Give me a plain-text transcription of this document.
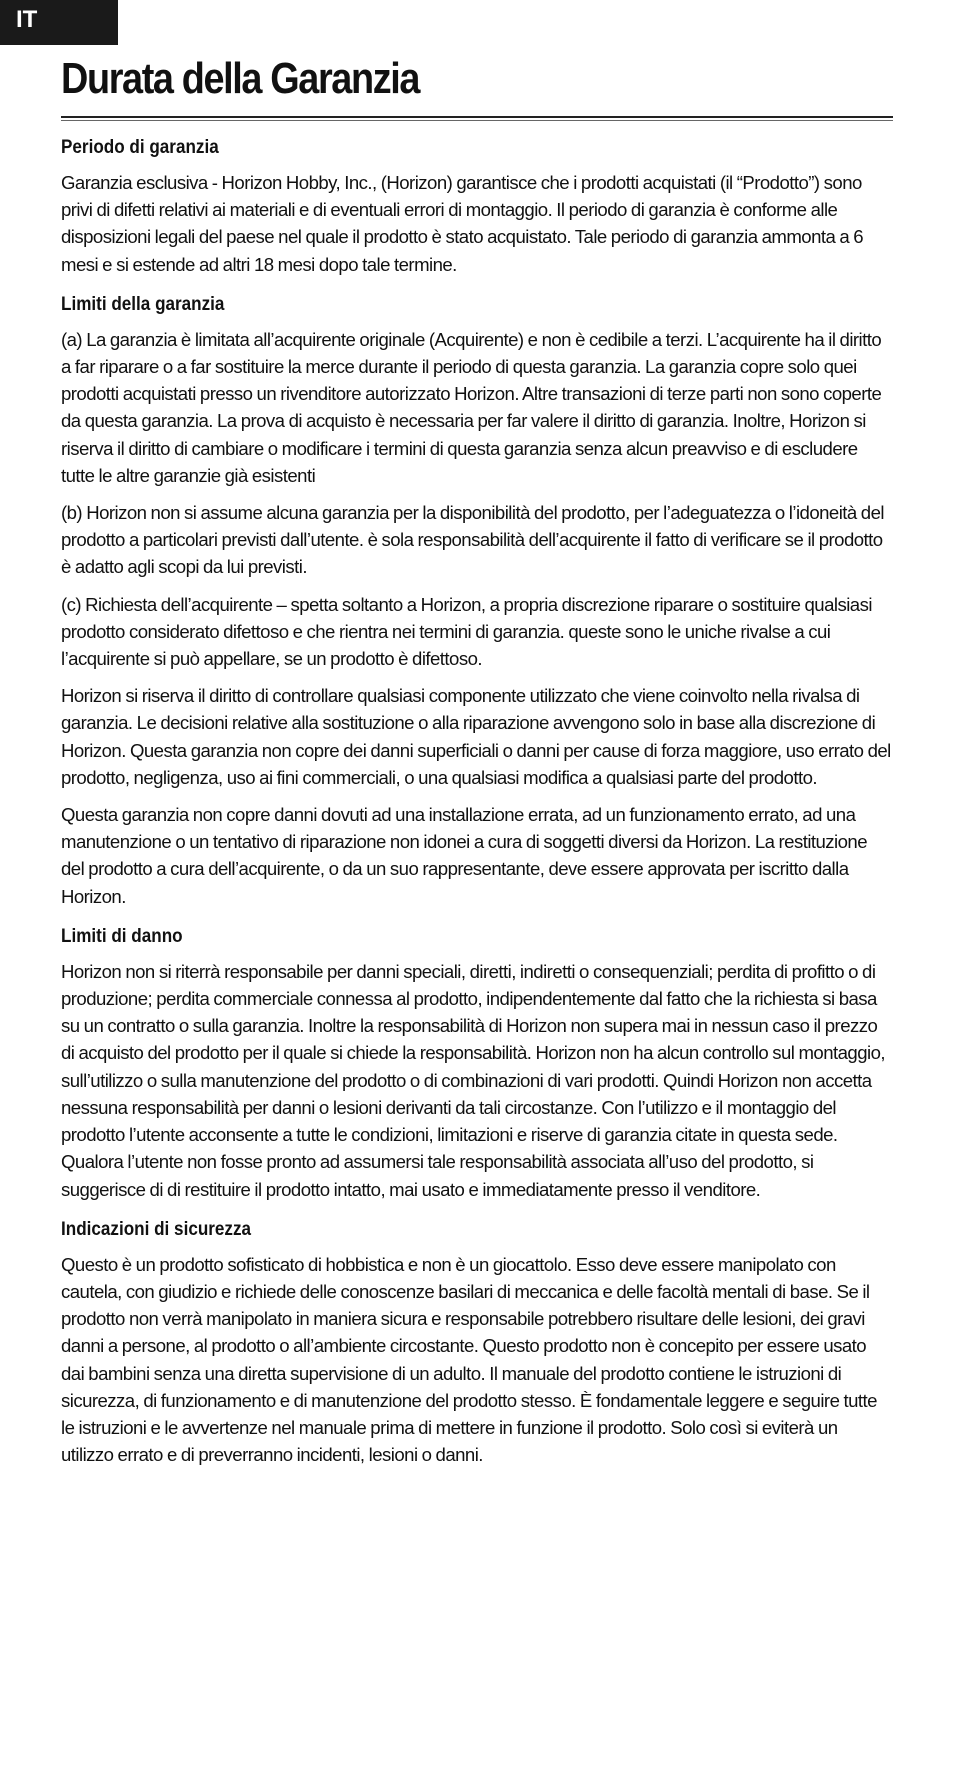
IT
Durata della Garanzia
Periodo di garanzia

Garanzia esclusiva - Horizon Hobby, Inc., (Horizon) garantisce che i prodotti acquistati (il “Prodotto”) sono privi di difetti relativi ai materiali e di eventuali errori di montaggio. Il periodo di garanzia è conforme alle disposizioni legali del paese nel quale il prodotto è stato acquistato. Tale periodo di garanzia ammonta a 6 mesi e si estende ad altri 18 mesi dopo tale termine.

Limiti della garanzia

(a) La garanzia è limitata all’acquirente originale (Acquirente) e non è cedibile a terzi. L’acquirente ha il diritto a far riparare o a far sostituire la merce durante il periodo di questa garanzia. La garanzia copre solo quei prodotti acquistati presso un rivenditore autorizzato Horizon. Altre transazioni di terze parti non sono coperte da questa garanzia. La prova di acquisto è necessaria per far valere il diritto di garanzia. Inoltre, Horizon si riserva il diritto di cambiare o modificare i termini di questa garanzia senza alcun preavviso e di escludere tutte le altre garanzie già esistenti

(b) Horizon non si assume alcuna garanzia per la disponibilità del prodotto, per l’adeguatezza o l’idoneità del prodotto a particolari previsti dall’utente. è sola responsabilità dell’acquirente il fatto di verificare se il prodotto è adatto agli scopi da lui previsti.

(c) Richiesta dell’acquirente – spetta soltanto a Horizon, a propria discrezione riparare o sostituire qualsiasi prodotto considerato difettoso e che rientra nei termini di garanzia. queste sono le uniche rivalse a cui l’acquirente si può appellare, se un prodotto è difettoso.

Horizon si riserva il diritto di controllare qualsiasi componente utilizzato che viene coinvolto nella rivalsa di garanzia. Le decisioni relative alla sostituzione o alla riparazione avvengono solo in base alla discrezione di Horizon. Questa garanzia non copre dei danni superficiali o danni per cause di forza maggiore, uso errato del prodotto, negligenza, uso ai fini commerciali, o una qualsiasi modifica a qualsiasi parte del prodotto.

Questa garanzia non copre danni dovuti ad una installazione errata, ad un funzionamento errato, ad una manutenzione o un tentativo di riparazione non idonei a cura di soggetti diversi da Horizon. La restituzione del prodotto a cura dell’acquirente, o da un suo rappresentante, deve essere approvata per iscritto dalla Horizon.

Limiti di danno

Horizon non si riterrà responsabile per danni speciali, diretti, indiretti o consequenziali; perdita di profitto o di produzione; perdita commerciale connessa al prodotto, indipendentemente dal fatto che la richiesta si basa su un contratto o sulla garanzia. Inoltre la responsabilità di Horizon non supera mai in nessun caso il prezzo di acquisto del prodotto per il quale si chiede la responsabilità. Horizon non ha alcun controllo sul montaggio, sull’utilizzo o sulla manutenzione del prodotto o di combinazioni di vari prodotti. Quindi Horizon non accetta nessuna responsabilità per danni o lesioni derivanti da tali circostanze. Con l’utilizzo e il montaggio del prodotto l’utente acconsente a tutte le condizioni, limitazioni e riserve di garanzia citate in questa sede. Qualora l’utente non fosse pronto ad assumersi tale responsabilità associata all’uso del prodotto, si suggerisce di di restituire il prodotto intatto, mai usato e immediatamente presso il venditore.

Indicazioni di sicurezza

Questo è un prodotto sofisticato di hobbistica e non è un giocattolo. Esso deve essere manipolato con cautela, con giudizio e richiede delle conoscenze basilari di meccanica e delle facoltà mentali di base. Se il prodotto non verrà manipolato in maniera sicura e responsabile potrebbero risultare delle lesioni, dei gravi danni a persone, al prodotto o all’ambiente circostante. Questo prodotto non è concepito per essere usato dai bambini senza una diretta supervisione di un adulto. Il manuale del prodotto contiene le istruzioni di sicurezza, di funzionamento e di manutenzione del prodotto stesso. È fondamentale leggere e seguire tutte le istruzioni e le avvertenze nel manuale prima di mettere in funzione il prodotto. Solo così si eviterà un utilizzo errato e di preverranno incidenti, lesioni o danni.
